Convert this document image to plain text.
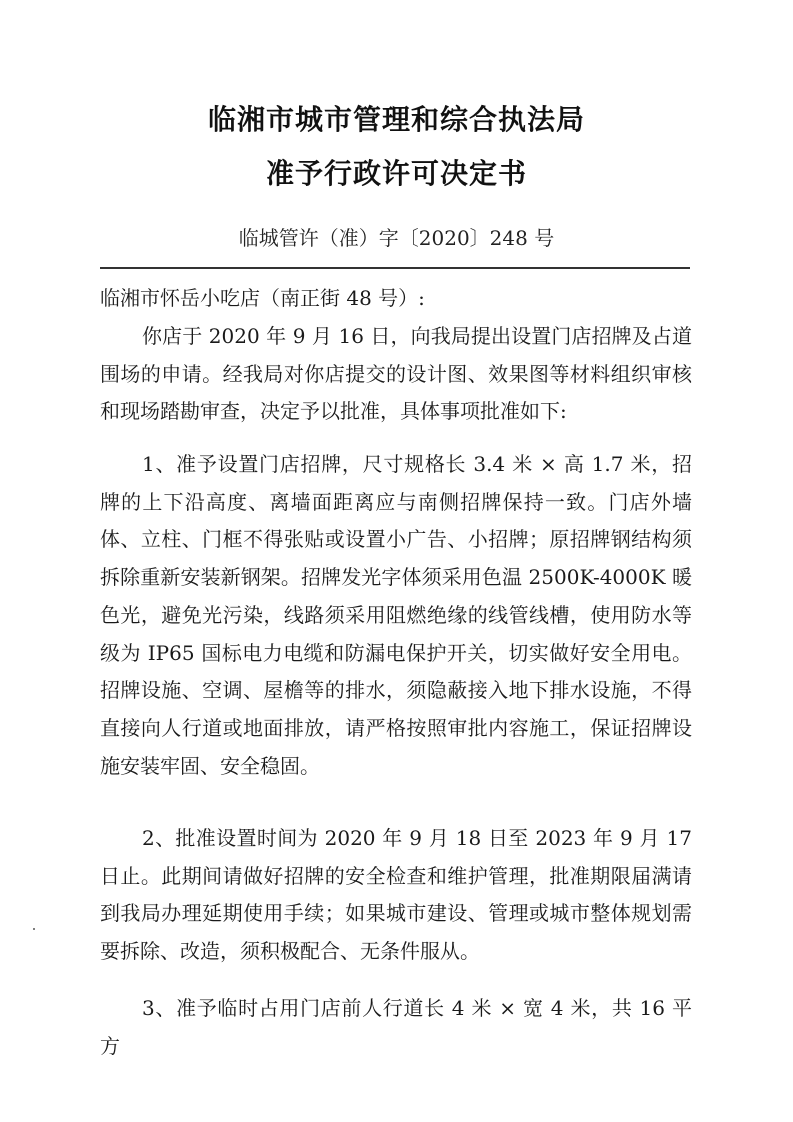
临湘市城市管理和综合执法局
准予行政许可决定书
临城管许（准）字〔2020〕248 号
临湘市怀岳小吃店（南正街 48 号）:
你店于 2020 年 9 月 16 日，向我局提出设置门店招牌及占道围场的申请。经我局对你店提交的设计图、效果图等材料组织审核和现场踏勘审查，决定予以批准，具体事项批准如下:
1、准予设置门店招牌，尺寸规格长 3.4 米 × 高 1.7 米，招牌的上下沿高度、离墙面距离应与南侧招牌保持一致。门店外墙体、立柱、门框不得张贴或设置小广告、小招牌；原招牌钢结构须拆除重新安装新钢架。招牌发光字体须采用色温 2500K-4000K 暖色光，避免光污染，线路须采用阻燃绝缘的线管线槽，使用防水等级为 IP65 国标电力电缆和防漏电保护开关，切实做好安全用电。招牌设施、空调、屋檐等的排水，须隐蔽接入地下排水设施，不得直接向人行道或地面排放，请严格按照审批内容施工，保证招牌设施安装牢固、安全稳固。
2、批准设置时间为 2020 年 9 月 18 日至 2023 年 9 月 17 日止。此期间请做好招牌的安全检查和维护管理，批准期限届满请到我局办理延期使用手续；如果城市建设、管理或城市整体规划需要拆除、改造，须积极配合、无条件服从。
3、准予临时占用门店前人行道长 4 米 × 宽 4 米，共 16 平方
